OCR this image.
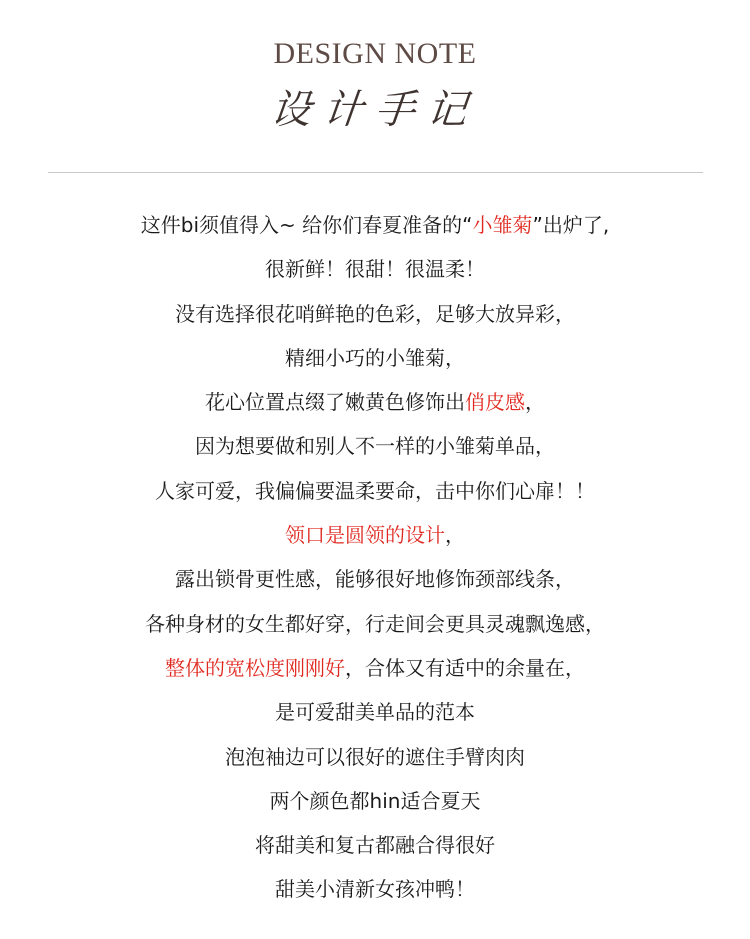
DESIGN NOTE
设计手记
这件bi须值得入~ 给你们春夏准备的“小雏菊”出炉了,
很新鲜！很甜！很温柔！
没有选择很花哨鲜艳的色彩，足够大放异彩，
精细小巧的小雏菊，
花心位置点缀了嫩黄色修饰出俏皮感，
因为想要做和别人不一样的小雏菊单品，
人家可爱，我偏偏要温柔要命，击中你们心扉！！
领口是圆领的设计，
露出锁骨更性感，能够很好地修饰颈部线条，
各种身材的女生都好穿，行走间会更具灵魂飘逸感，
整体的宽松度刚刚好，合体又有适中的余量在，
是可爱甜美单品的范本
泡泡袖边可以很好的遮住手臂肉肉
两个颜色都hin适合夏天
将甜美和复古都融合得很好
甜美小清新女孩冲鸭！
